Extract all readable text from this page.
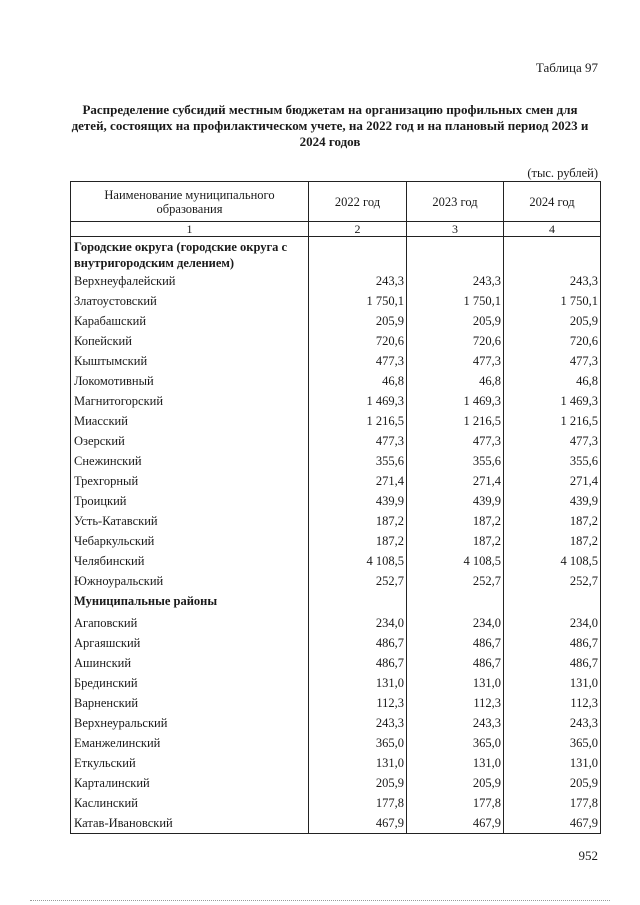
Таблица 97
Распределение субсидий местным бюджетам на организацию профильных смен для детей, состоящих на профилактическом учете, на 2022 год и на плановый период 2023 и 2024 годов
(тыс. рублей)
Наименование муниципального образования	2022 год	2023 год	2024 год
1	2	3	4
Городские округа (городские округа с внутригородским делением)			
Верхнеуфалейский	243,3	243,3	243,3
Златоустовский	1 750,1	1 750,1	1 750,1
Карабашский	205,9	205,9	205,9
Копейский	720,6	720,6	720,6
Кыштымский	477,3	477,3	477,3
Локомотивный	46,8	46,8	46,8
Магнитогорский	1 469,3	1 469,3	1 469,3
Миасский	1 216,5	1 216,5	1 216,5
Озерский	477,3	477,3	477,3
Снежинский	355,6	355,6	355,6
Трехгорный	271,4	271,4	271,4
Троицкий	439,9	439,9	439,9
Усть-Катавский	187,2	187,2	187,2
Чебаркульский	187,2	187,2	187,2
Челябинский	4 108,5	4 108,5	4 108,5
Южноуральский	252,7	252,7	252,7
Муниципальные районы			
Агаповский	234,0	234,0	234,0
Аргаяшский	486,7	486,7	486,7
Ашинский	486,7	486,7	486,7
Брединский	131,0	131,0	131,0
Варненский	112,3	112,3	112,3
Верхнеуральский	243,3	243,3	243,3
Еманжелинский	365,0	365,0	365,0
Еткульский	131,0	131,0	131,0
Карталинский	205,9	205,9	205,9
Каслинский	177,8	177,8	177,8
Катав-Ивановский	467,9	467,9	467,9
952
